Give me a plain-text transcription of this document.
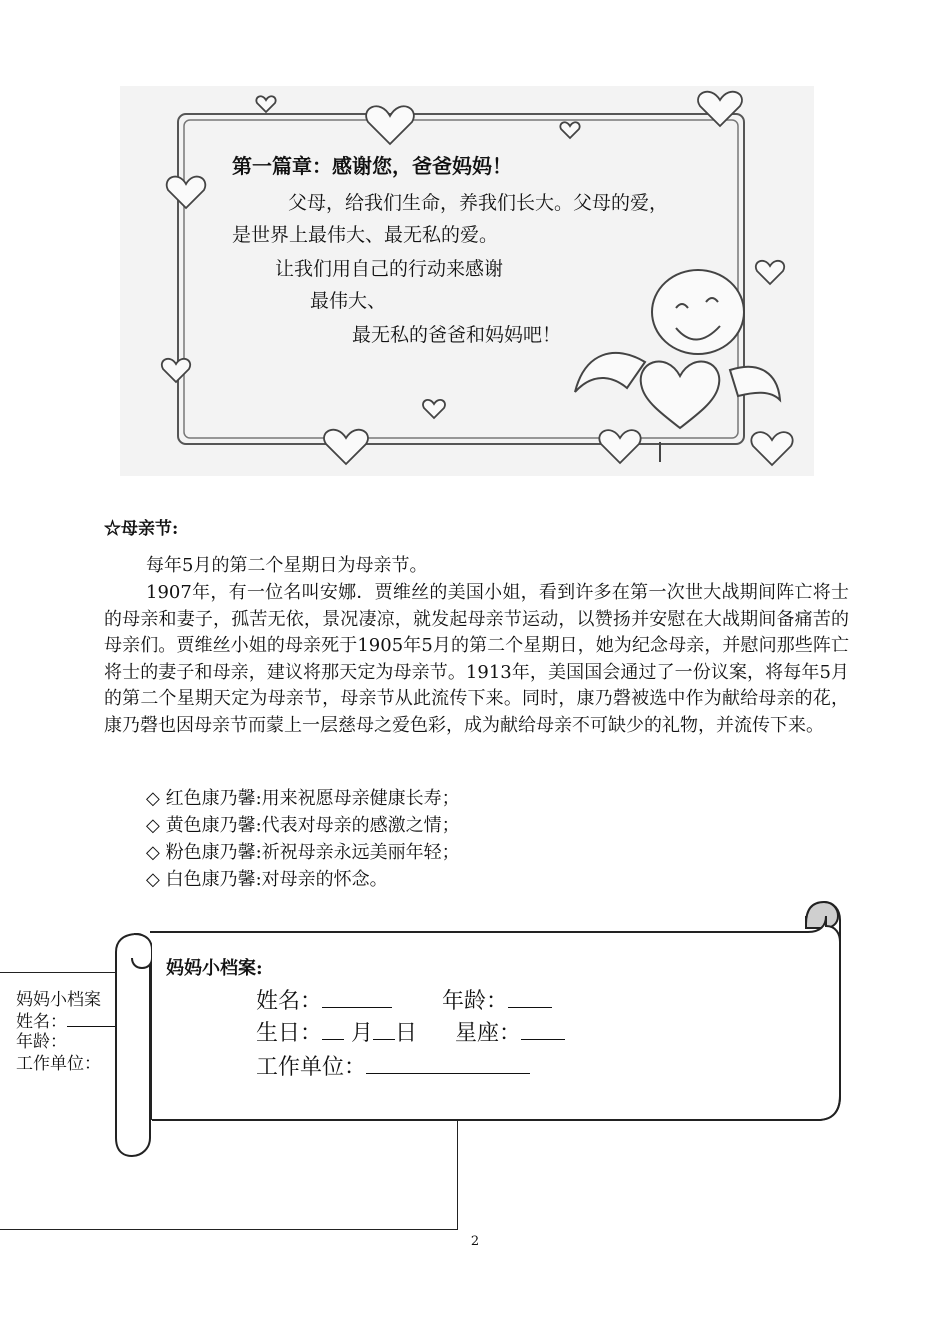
第一篇章：感谢您，爸爸妈妈！
父母，给我们生命，养我们长大。父母的爱，
是世界上最伟大、最无私的爱。
让我们用自己的行动来感谢
最伟大、
最无私的爸爸和妈妈吧！
☆母亲节:
每年5月的第二个星期日为母亲节。
1907年，有一位名叫安娜．贾维丝的美国小姐，看到许多在第一次世大战期间阵亡将士的母亲和妻子，孤苦无依，景况凄凉，就发起母亲节运动，以赞扬并安慰在大战期间备痛苦的母亲们。贾维丝小姐的母亲死于1905年5月的第二个星期日，她为纪念母亲，并慰问那些阵亡将士的妻子和母亲，建议将那天定为母亲节。1913年，美国国会通过了一份议案，将每年5月的第二个星期天定为母亲节，母亲节从此流传下来。同时，康乃磬被选中作为献给母亲的花，康乃磬也因母亲节而蒙上一层慈母之爱色彩，成为献给母亲不可缺少的礼物，并流传下来。
◇ 红色康乃馨:用来祝愿母亲健康长寿；
◇ 黄色康乃馨:代表对母亲的感激之情；
◇ 粉色康乃馨:祈祝母亲永远美丽年轻；
◇ 白色康乃馨:对母亲的怀念。
妈妈小档案
姓名：
年龄：
工作单位：
妈妈小档案:
姓名：	年龄：
生日： 月 日 星座：
工作单位：
2
